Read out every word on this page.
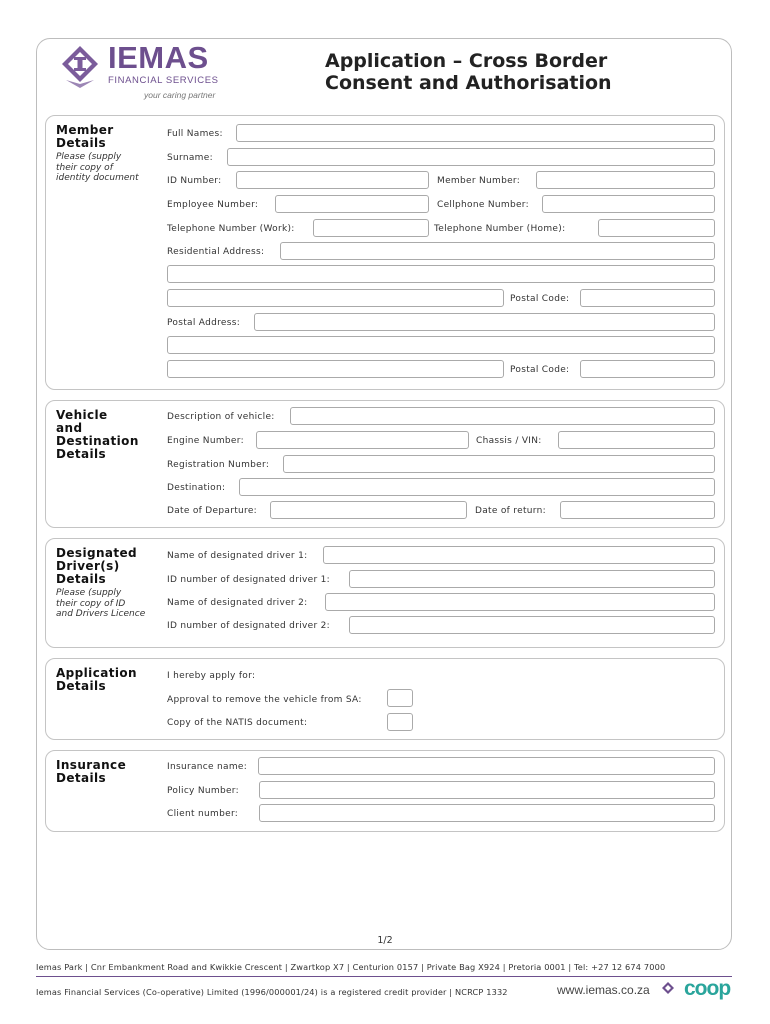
IEMAS
FINANCIAL SERVICES
your caring partner
Application – Cross Border
Consent and Authorisation
Member
Details
Please (supply
their copy of
identity document
Full Names:
Surname:
ID Number:	Member Number:
Employee Number:	Cellphone Number:
Telephone Number (Work):	Telephone Number (Home):
Residential Address:
Postal Code:
Postal Address:
Postal Code:
Vehicle
and
Destination
Details
Description of vehicle:
Engine Number:	Chassis / VIN:
Registration Number:
Destination:
Date of Departure:	Date of return:
Designated
Driver(s)
Details
Please (supply
their copy of ID
and Drivers Licence
Name of designated driver 1:
ID number of designated driver 1:
Name of designated driver 2:
ID number of designated driver 2:
Application
Details
I hereby apply for:
Approval to remove the vehicle from SA:
Copy of the NATIS document:
Insurance
Details
Insurance name:
Policy Number:
Client number:
1/2
Iemas Park | Cnr Embankment Road and Kwikkie Crescent | Zwartkop X7 | Centurion 0157 | Private Bag X924 | Pretoria 0001 | Tel: +27 12 674 7000
Iemas Financial Services (Co-operative) Limited (1996/000001/24) is a registered credit provider | NCRCP 1332	www.iemas.co.za coop
